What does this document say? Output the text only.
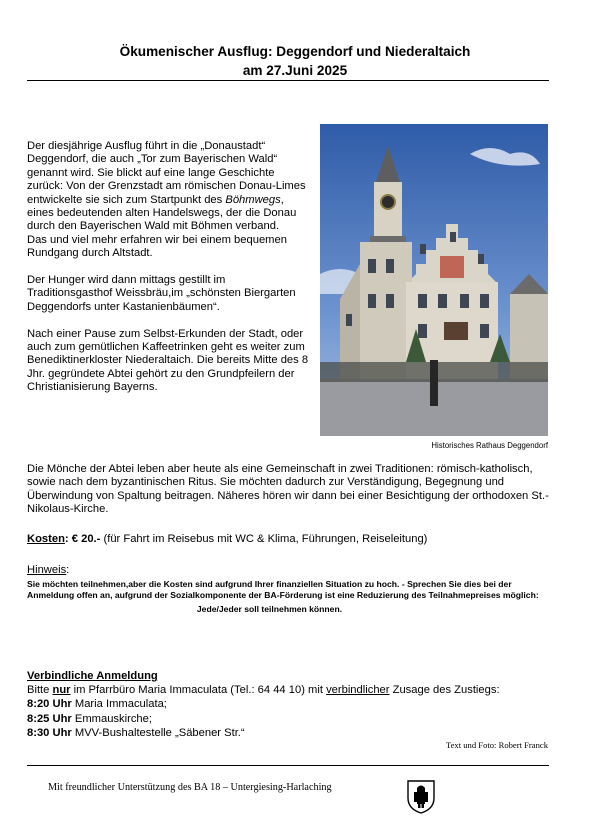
Ökumenischer Ausflug: Deggendorf und Niederaltaich
am 27.Juni 2025

Der diesjährige Ausflug führt in die „Donaustadt“ Deggendorf, die auch „Tor zum Bayerischen Wald“ genannt wird. Sie blickt auf eine lange Geschichte zurück: Von der Grenzstadt am römischen Donau-Limes entwickelte sie sich zum Startpunkt des Böhmwegs, eines bedeutenden alten Handelswegs, der die Donau durch den Bayerischen Wald mit Böhmen verband.
Das und viel mehr erfahren wir bei einem bequemen Rundgang durch Altstadt.

Der Hunger wird dann mittags gestillt im Traditionsgasthof Weissbräu,im „schönsten Biergarten Deggendorfs unter Kastanienbäumen“.

Nach einer Pause zum Selbst-Erkunden der Stadt, oder auch zum gemütlichen Kaffeetrinken geht es weiter zum Benediktinerkloster Niederaltaich. Die bereits Mitte des 8 Jhr. gegründete Abtei gehört zu den Grundpfeilern der Christianisierung Bayerns.

Historisches Rathaus Deggendorf
Die Mönche der Abtei leben aber heute als eine Gemeinschaft in zwei Traditionen: römisch-katholisch, sowie nach dem byzantinischen Ritus. Sie möchten dadurch zur Verständigung, Begegnung und Überwindung von Spaltung beitragen. Näheres hören wir dann bei einer Besichtigung der orthodoxen St.-Nikolaus-Kirche.
Kosten: € 20.- (für Fahrt im Reisebus mit WC & Klima, Führungen, Reiseleitung)
Hinweis:
Sie möchten teilnehmen,aber die Kosten sind aufgrund Ihrer finanziellen Situation zu hoch. - Sprechen Sie dies bei der Anmeldung offen an, aufgrund der Sozialkomponente der BA-Förderung ist eine Reduzierung des Teilnahmepreises möglich:
Jede/Jeder soll teilnehmen können.
Verbindliche Anmeldung
Bitte nur im Pfarrbüro Maria Immaculata (Tel.: 64 44 10) mit verbindlicher Zusage des Zustiegs:
8:20 Uhr Maria Immaculata;
8:25 Uhr Emmauskirche;
8:30 Uhr MVV-Bushaltestelle „Säbener Str.“
Text und Foto: Robert Franck
Mit freundlicher Unterstützung des BA 18 – Untergiesing-Harlaching
